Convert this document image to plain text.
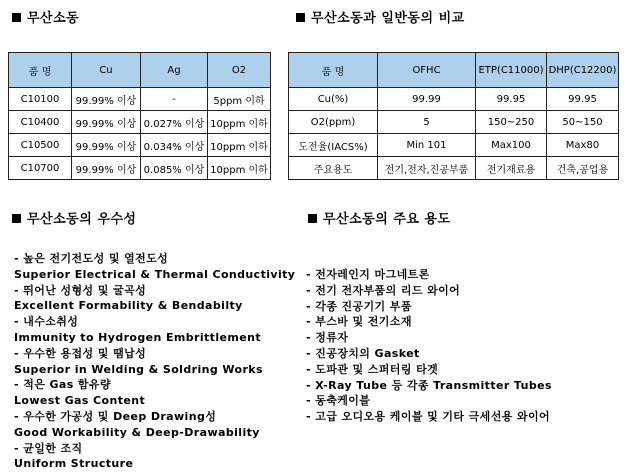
무산소동	무산소동과 일반동의 비교
품 명	Cu	Ag	O2
C10100	99.99% 이상	-	5ppm 이하
C10400	99.99% 이상	0.027% 이상	10ppm 이하
C10500	99.99% 이상	0.034% 이상	10ppm 이하
C10700	99.99% 이상	0.085% 이상	10ppm 이하
품 명	OFHC	ETP(C11000)	DHP(C12200)
Cu(%)	99.99	99.95	99.95
O2(ppm)	5	150~250	50~150
도전율(IACS%)	Min 101	Max100	Max80
주요용도	전기,전자,진공부품	전기재료용	건축,공업용
무산소동의 우수성	무산소동의 주요 용도
- 높은 전기전도성 및 열전도성
Superior Electrical & Thermal Conductivity
- 뛰어난 성형성 및 굴곡성
Excellent Formability & Bendabilty
- 내수소취성
Immunity to Hydrogen Embrittlement
- 우수한 용접성 및 땜납성
Superior in Welding & Soldring Works
- 적은 Gas 함유량
Lowest Gas Content
- 우수한 가공성 및 Deep Drawing성
Good Workability & Deep-Drawability
- 균일한 조직
Uniform Structure
- 전자레인지 마그네트론
- 전기 전자부품의 리드 와이어
- 각종 진공기기 부품
- 부스바 및 전기소재
- 정류자
- 진공장치의 Gasket
- 도파관 및 스퍼터링 타겟
- X-Ray Tube 등 각종 Transmitter Tubes
- 동축케이블
- 고급 오디오용 케이블 및 기타 극세선용 와이어
